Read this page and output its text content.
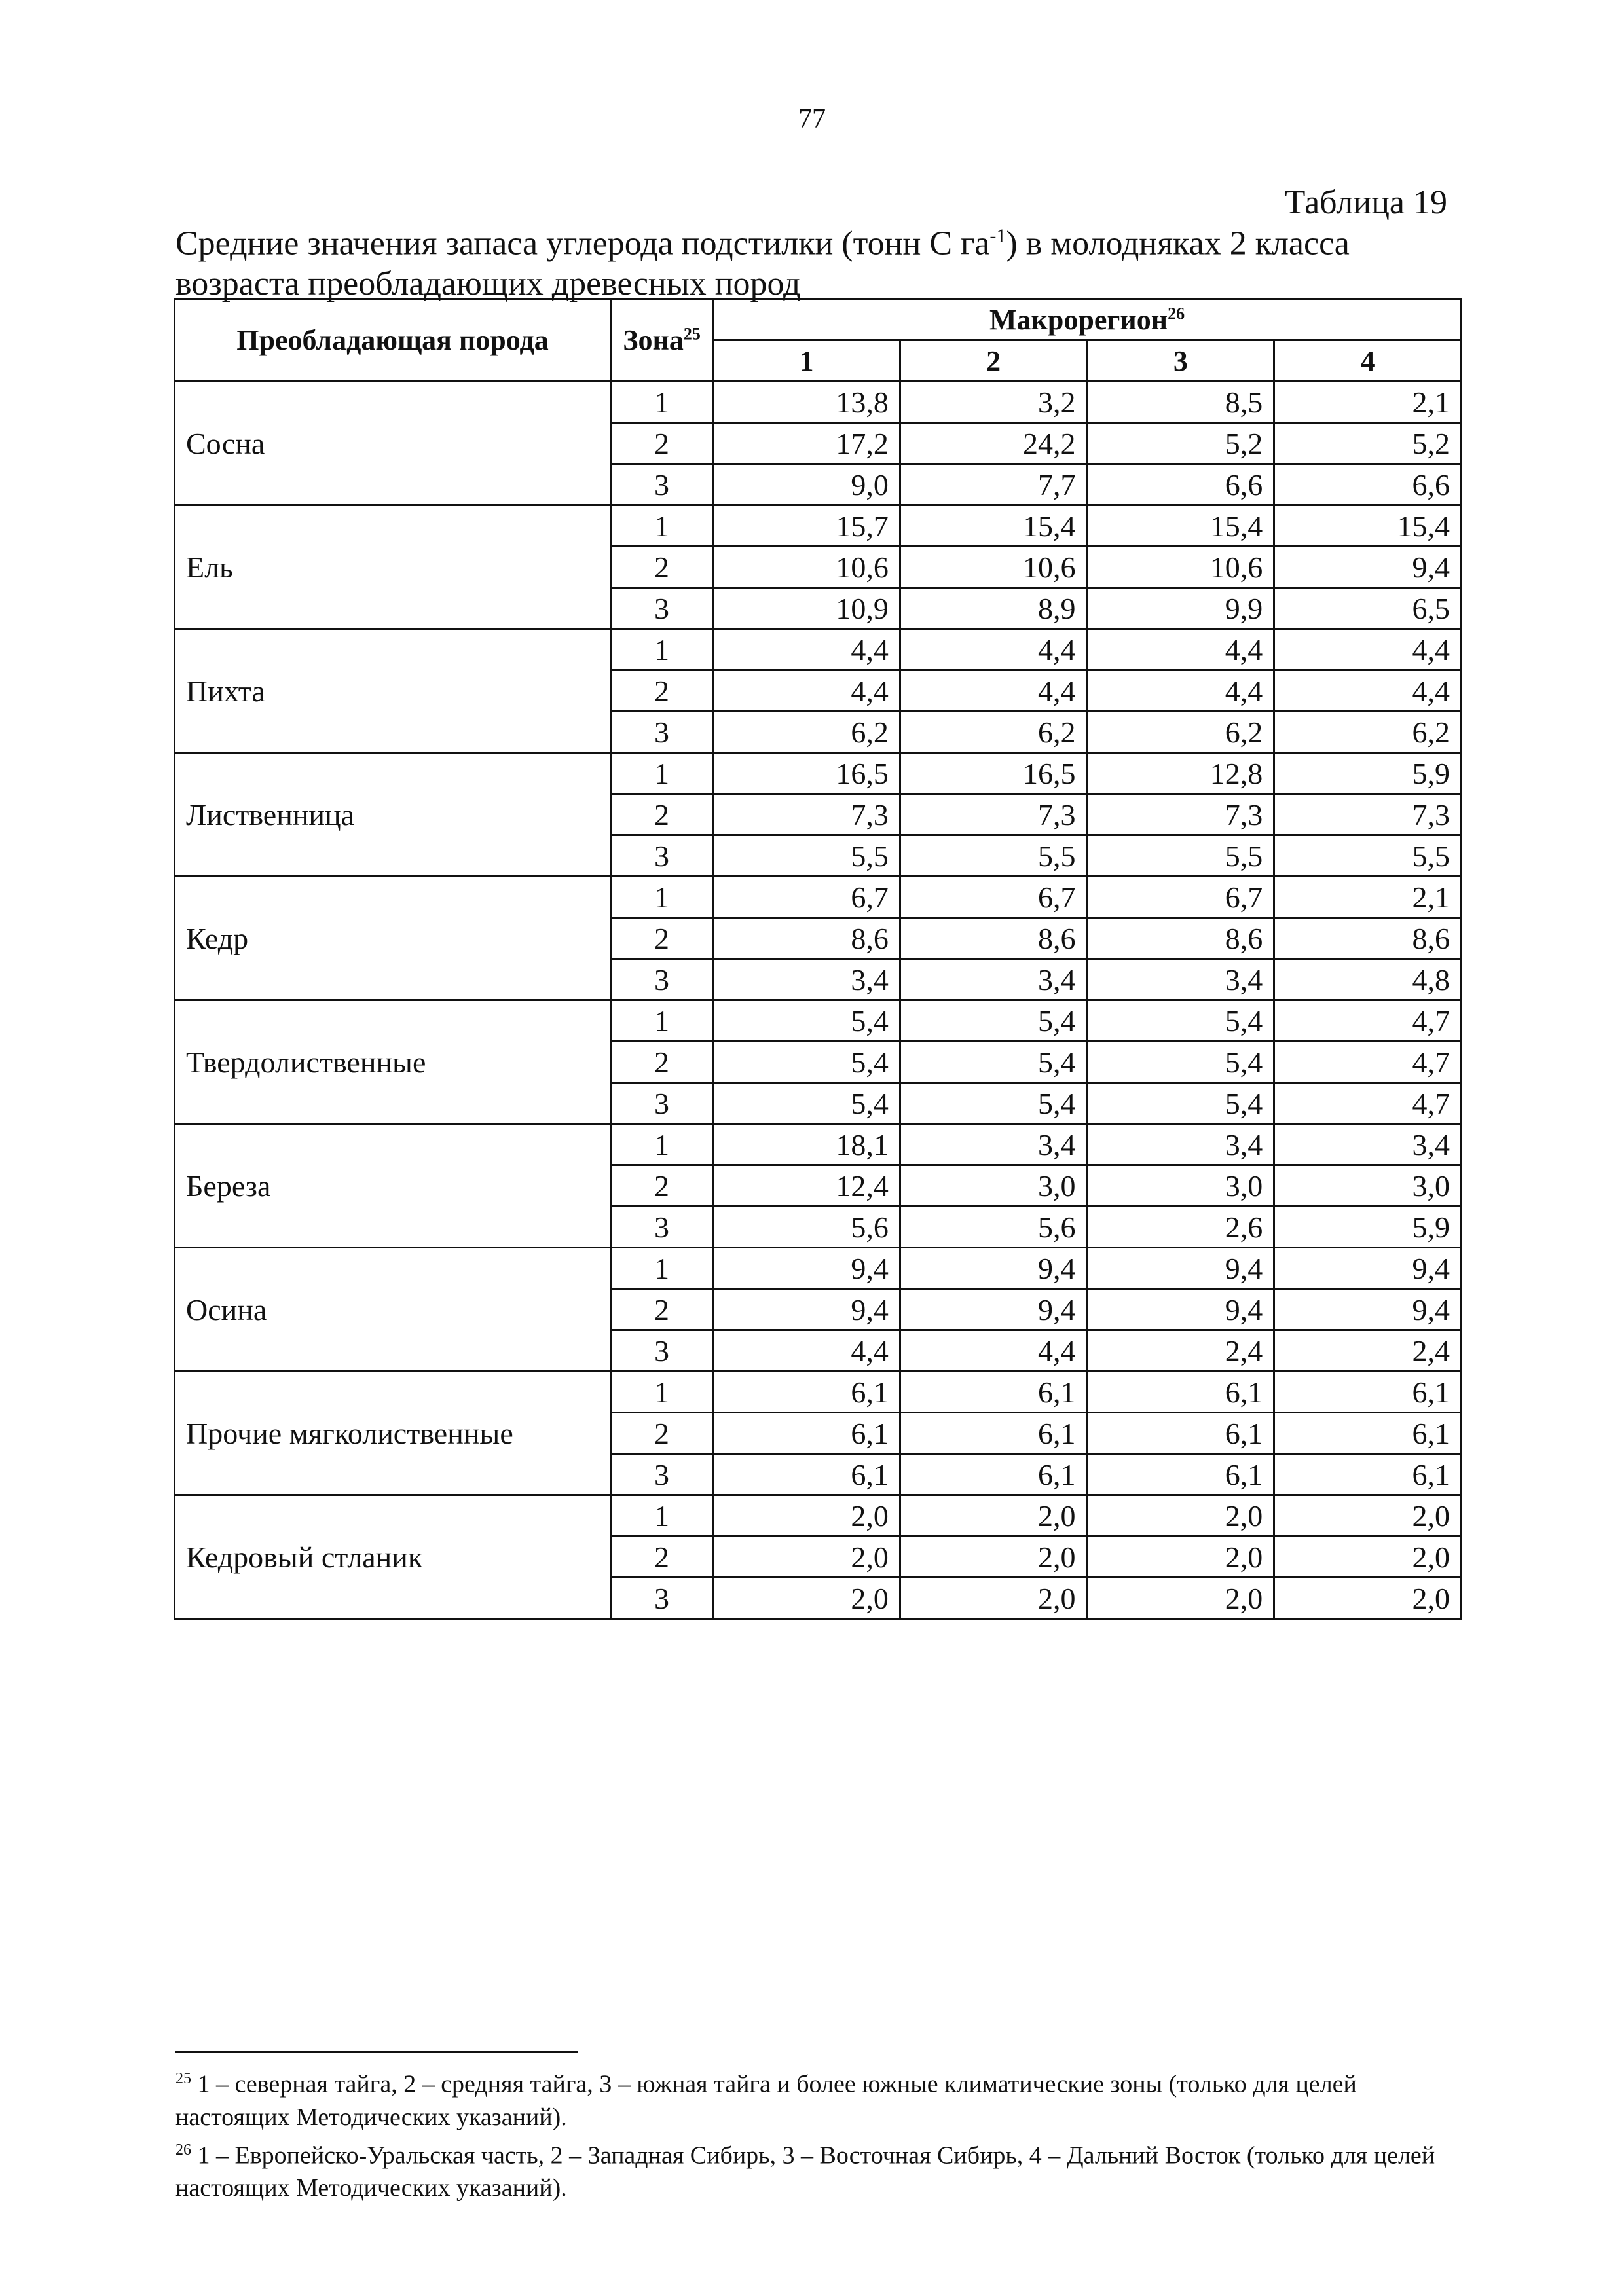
77
Таблица 19
Средние значения запаса углерода подстилки (тонн С $га^{-1}$) в молодняках 2 класса возраста преобладающих древесных пород
Преобладающая порода	Зона$^{25}$	Макрорегион$^{26}$
		1	2	3	4
Сосна	1	13,8	3,2	8,5	2,1
	2	17,2	24,2	5,2	5,2
	3	9,0	7,7	6,6	6,6
Ель	1	15,7	15,4	15,4	15,4
	2	10,6	10,6	10,6	9,4
	3	10,9	8,9	9,9	6,5
Пихта	1	4,4	4,4	4,4	4,4
	2	4,4	4,4	4,4	4,4
	3	6,2	6,2	6,2	6,2
Лиственница	1	16,5	16,5	12,8	5,9
	2	7,3	7,3	7,3	7,3
	3	5,5	5,5	5,5	5,5
Кедр	1	6,7	6,7	6,7	2,1
	2	8,6	8,6	8,6	8,6
	3	3,4	3,4	3,4	4,8
Твердолиственные	1	5,4	5,4	5,4	4,7
	2	5,4	5,4	5,4	4,7
	3	5,4	5,4	5,4	4,7
Береза	1	18,1	3,4	3,4	3,4
	2	12,4	3,0	3,0	3,0
	3	5,6	5,6	2,6	5,9
Осина	1	9,4	9,4	9,4	9,4
	2	9,4	9,4	9,4	9,4
	3	4,4	4,4	2,4	2,4
Прочие мягколиственные	1	6,1	6,1	6,1	6,1
	2	6,1	6,1	6,1	6,1
	3	6,1	6,1	6,1	6,1
Кедровый стланик	1	2,0	2,0	2,0	2,0
	2	2,0	2,0	2,0	2,0
	3	2,0	2,0	2,0	2,0
$^{25}$ 1 – северная тайга, 2 – средняя тайга, 3 – южная тайга и более южные климатические зоны (только для целей настоящих Методических указаний).
$^{26}$ 1 – Европейско-Уральская часть, 2 – Западная Сибирь, 3 – Восточная Сибирь, 4 – Дальний Восток (только для целей настоящих Методических указаний).
